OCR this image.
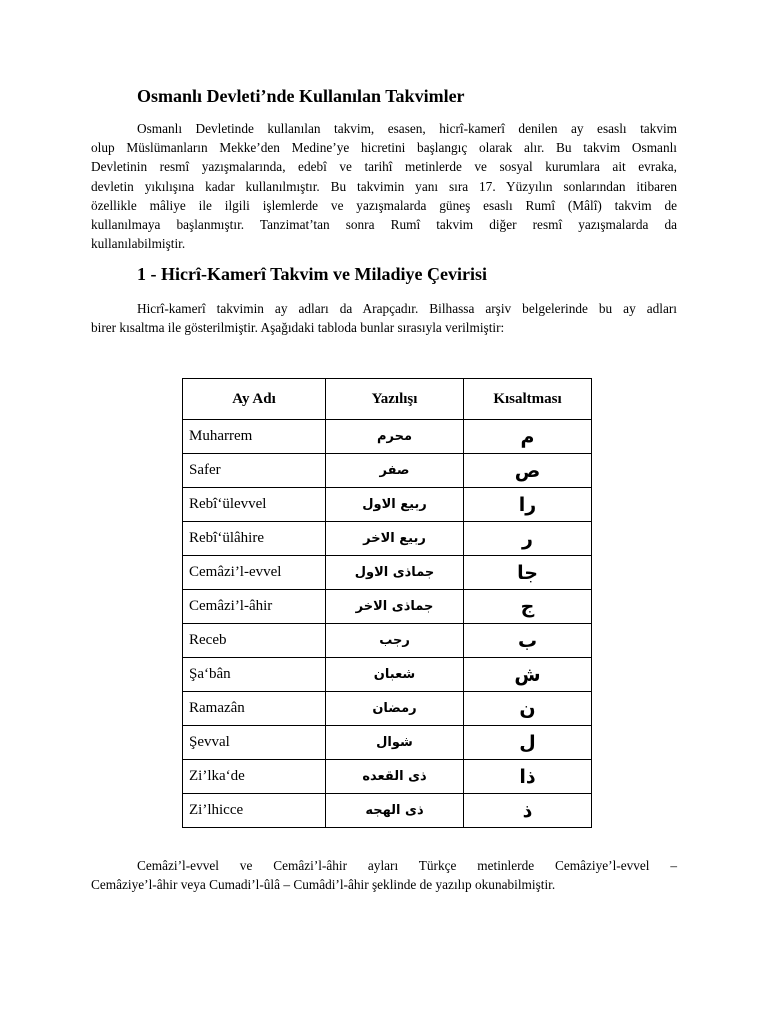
Osmanlı Devleti’nde Kullanılan Takvimler

Osmanlı Devletinde kullanılan takvim, esasen, hicrî-kamerî denilen ay esaslı takvim
olup Müslümanların Mekke’den Medine’ye hicretini başlangıç olarak alır. Bu takvim Osmanlı
Devletinin resmî yazışmalarında, edebî ve tarihî metinlerde ve sosyal kurumlara ait evraka,
devletin yıkılışına kadar kullanılmıştır. Bu takvimin yanı sıra 17. Yüzyılın sonlarından itibaren
özellikle mâliye ile ilgili işlemlerde ve yazışmalarda güneş esaslı Rumî (Mâlî) takvim de
kullanılmaya başlanmıştır. Tanzimat’tan sonra Rumî takvim diğer resmî yazışmalarda da
kullanılabilmiştir.

1 - Hicrî-Kamerî Takvim ve Miladiye Çevirisi

Hicrî-kamerî takvimin ay adları da Arapçadır. Bilhassa arşiv belgelerinde bu ay adları
birer kısaltma ile gösterilmiştir. Aşağıdaki tabloda bunlar sırasıyla verilmiştir:

Ay Adı	Yazılışı	Kısaltması
Muharrem	محرم	م
Safer	صفر	ص
Rebî‘ülevvel	ربيع الاول	را
Rebî‘ülâhire	ربيع الاخر	ر
Cemâzi’l-evvel	جماذى الاول	جا
Cemâzi’l-âhir	جماذى الاخر	ج
Receb	رجب	ب
Şa‘bân	شعبان	ش
Ramazân	رمضان	ن
Şevval	شوال	ل
Zi’lka‘de	ذى القعده	ذا
Zi’lhicce	ذى الهجه	ذ

Cemâzi’l-evvel ve Cemâzi’l-âhir ayları Türkçe metinlerde Cemâziye’l-evvel –
Cemâziye’l-âhir veya Cumadi’l-ûlâ – Cumâdi’l-âhir şeklinde de yazılıp okunabilmiştir.
